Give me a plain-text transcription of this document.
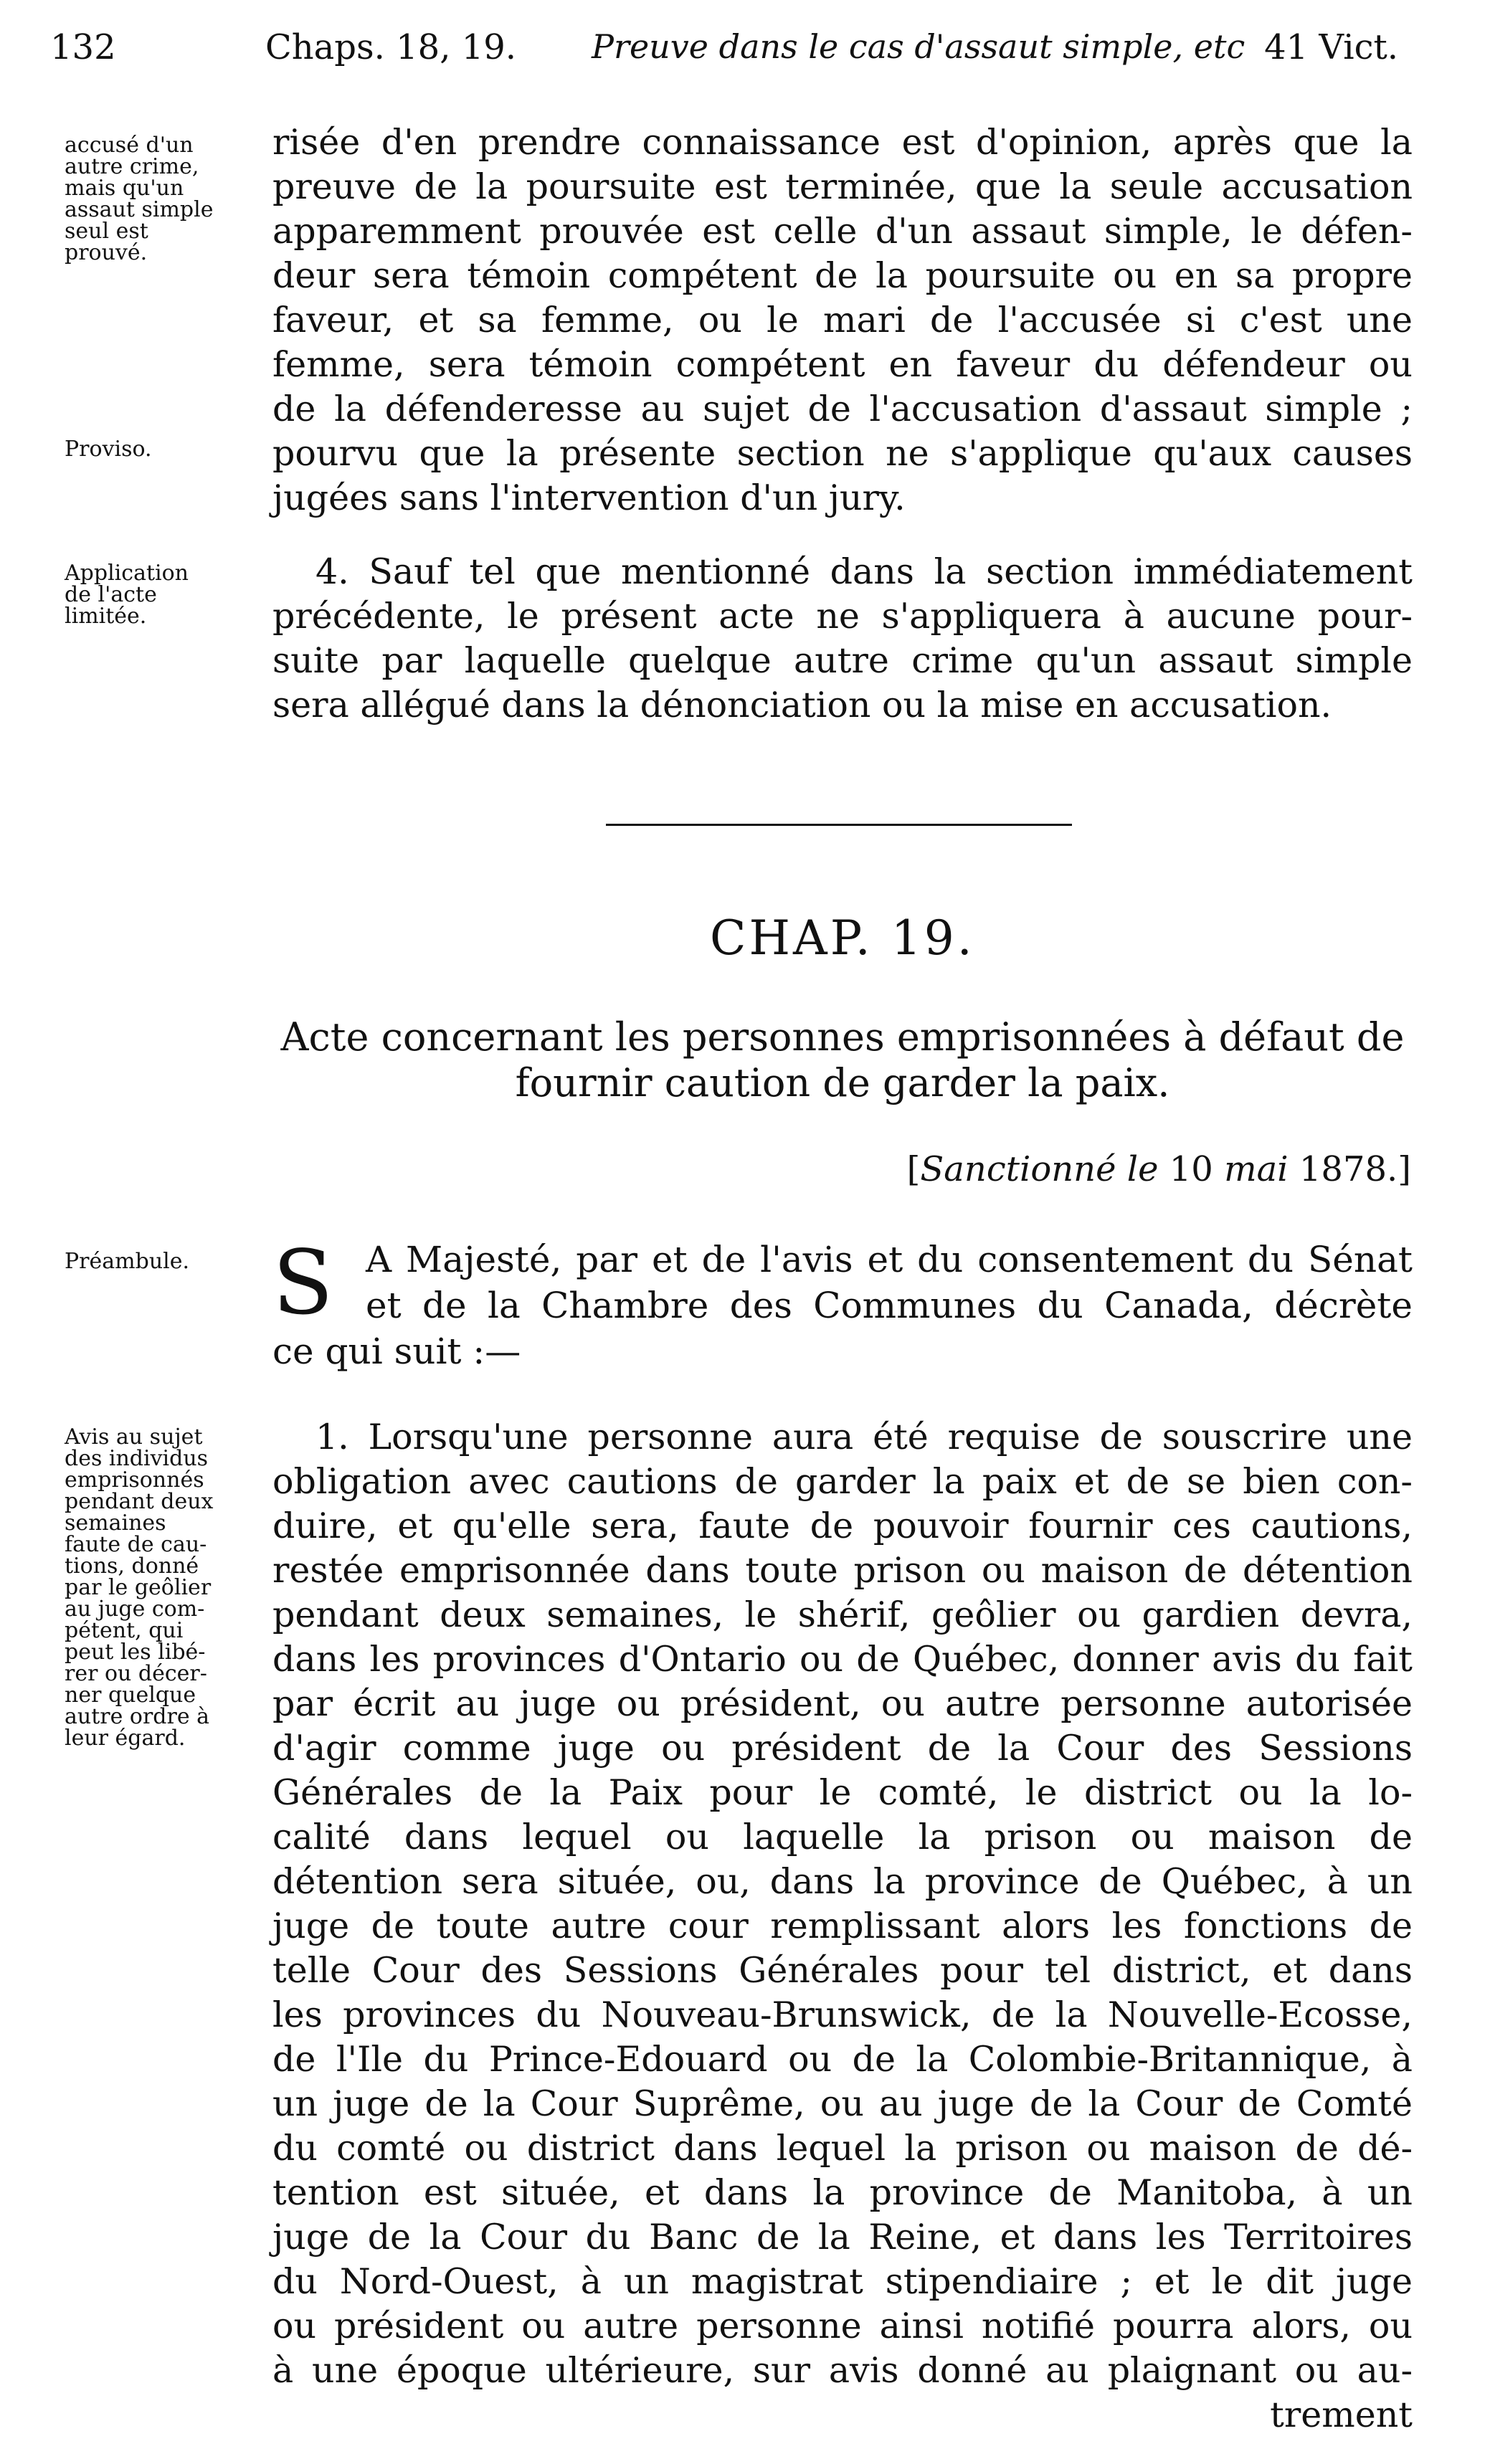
132	Chaps. 18, 19. Preuve dans le cas d'assaut simple, etc 41 Vict.
accusé d'un
autre crime,
mais qu'un
assaut simple
seul est
prouvé.
Proviso.
Application
de l'acte
limitée.
Préambule.
Avis au sujet
des individus
emprisonnés
pendant deux
semaines
faute de cau-
tions, donné
par le geôlier
au juge com-
pétent, qui
peut les libé-
rer ou décer-
ner quelque
autre ordre à
leur égard.
risée d'en prendre connaissance est d'opinion, après que la
preuve de la poursuite est terminée, que la seule accusation
apparemment prouvée est celle d'un assaut simple, le défen-
deur sera témoin compétent de la poursuite ou en sa propre
faveur, et sa femme, ou le mari de l'accusée si c'est une
femme, sera témoin compétent en faveur du défendeur ou
de la défenderesse au sujet de l'accusation d'assaut simple ;
pourvu que la présente section ne s'applique qu'aux causes
jugées sans l'intervention d'un jury.
4. Sauf tel que mentionné dans la section immédiatement
précédente, le présent acte ne s'appliquera à aucune pour-
suite par laquelle quelque autre crime qu'un assaut simple
sera allégué dans la dénonciation ou la mise en accusation.
CHAP. 19.
Acte concernant les personnes emprisonnées à défaut de
fournir caution de garder la paix.
[Sanctionné le 10 mai 1878.]
S A Majesté, par et de l'avis et du consentement du Sénat
et de la Chambre des Communes du Canada, décrète
ce qui suit :—
1. Lorsqu'une personne aura été requise de souscrire une
obligation avec cautions de garder la paix et de se bien con-
duire, et qu'elle sera, faute de pouvoir fournir ces cautions,
restée emprisonnée dans toute prison ou maison de détention
pendant deux semaines, le shérif, geôlier ou gardien devra,
dans les provinces d'Ontario ou de Québec, donner avis du fait
par écrit au juge ou président, ou autre personne autorisée
d'agir comme juge ou président de la Cour des Sessions
Générales de la Paix pour le comté, le district ou la lo-
calité dans lequel ou laquelle la prison ou maison de
détention sera située, ou, dans la province de Québec, à un
juge de toute autre cour remplissant alors les fonctions de
telle Cour des Sessions Générales pour tel district, et dans
les provinces du Nouveau-Brunswick, de la Nouvelle-Ecosse,
de l'Ile du Prince-Edouard ou de la Colombie-Britannique, à
un juge de la Cour Suprême, ou au juge de la Cour de Comté
du comté ou district dans lequel la prison ou maison de dé-
tention est située, et dans la province de Manitoba, à un
juge de la Cour du Banc de la Reine, et dans les Territoires
du Nord-Ouest, à un magistrat stipendiaire ; et le dit juge
ou président ou autre personne ainsi notifié pourra alors, ou
à une époque ultérieure, sur avis donné au plaignant ou au-
trement
